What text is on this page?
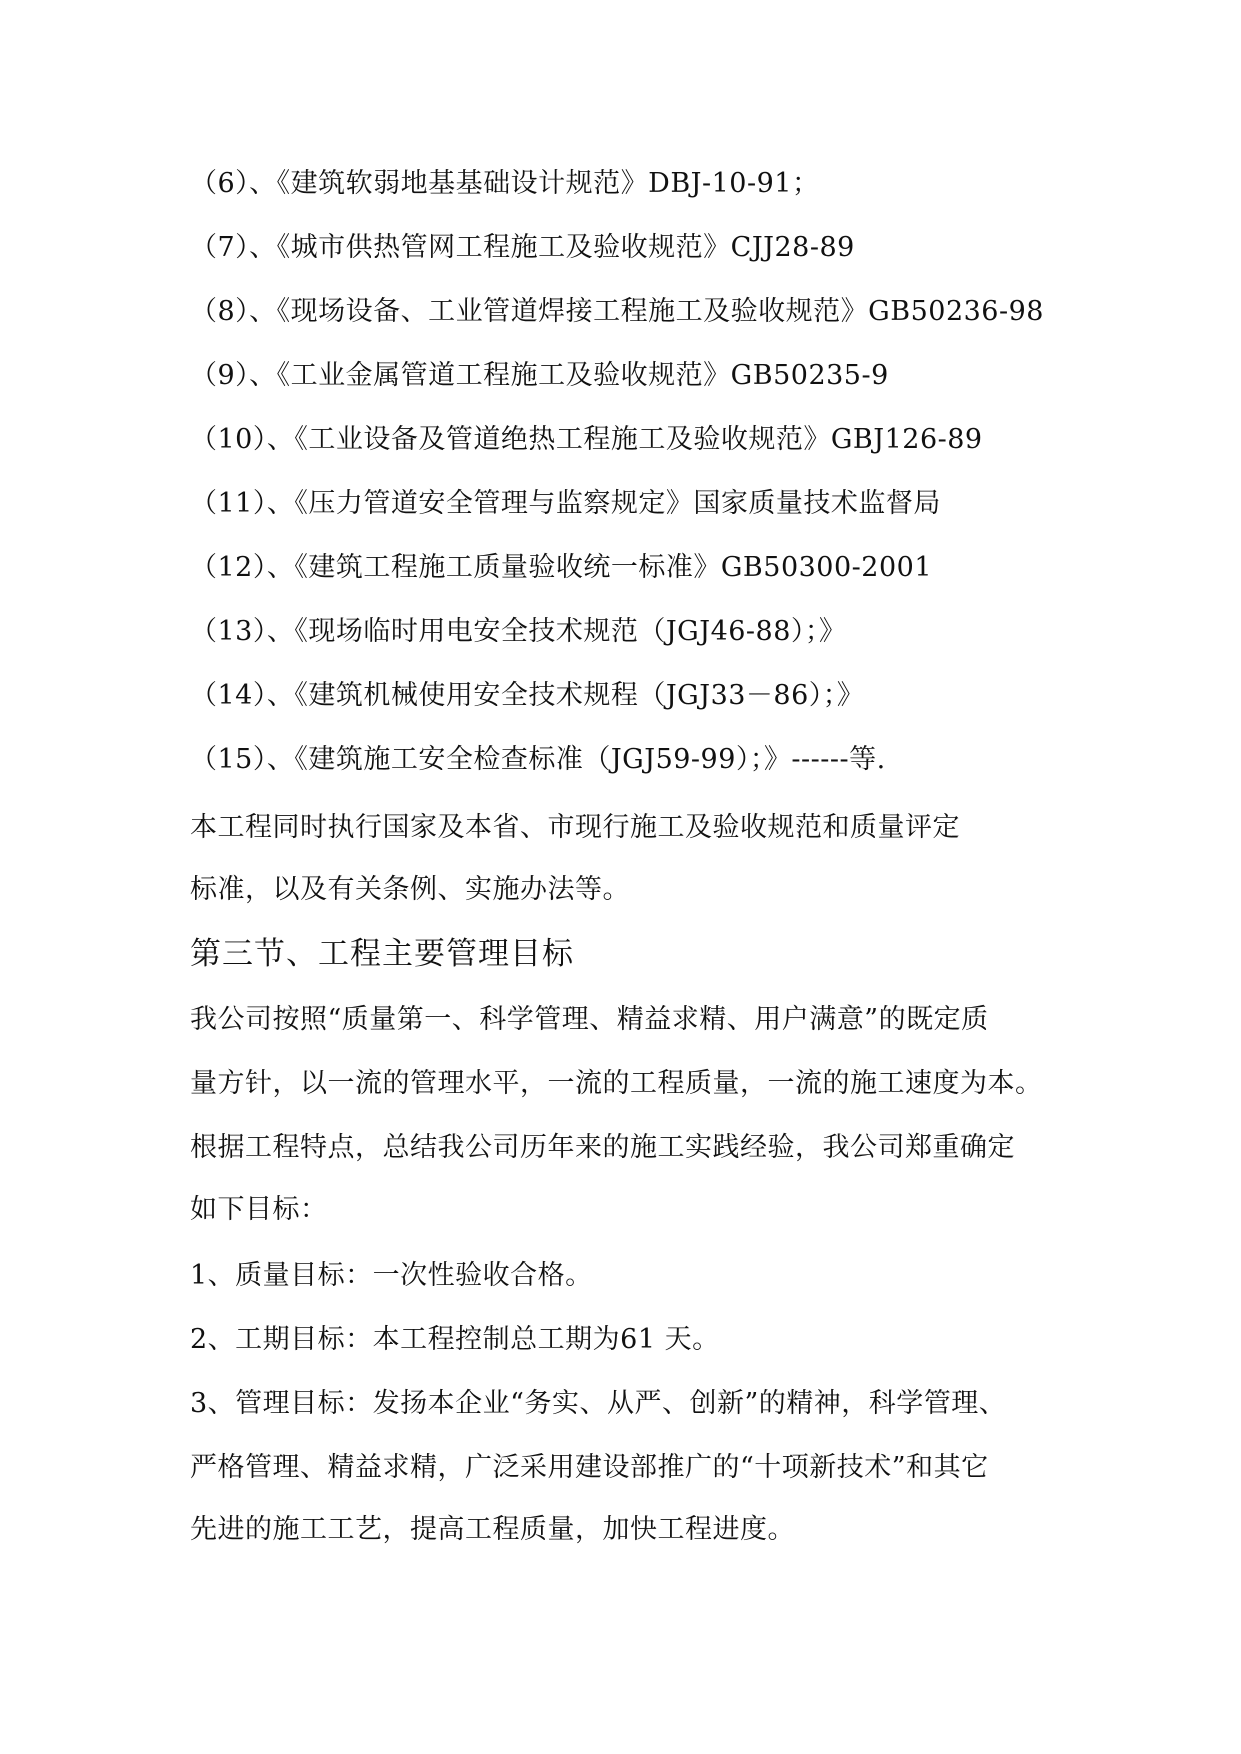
（6）、《建筑软弱地基基础设计规范》DBJ-10-91；
（7）、《城市供热管网工程施工及验收规范》CJJ28-89
（8）、《现场设备、工业管道焊接工程施工及验收规范》GB50236-98
（9）、《工业金属管道工程施工及验收规范》GB50235-9
（10）、《工业设备及管道绝热工程施工及验收规范》GBJ126-89
（11）、《压力管道安全管理与监察规定》国家质量技术监督局
（12）、《建筑工程施工质量验收统一标准》GB50300-2001
（13）、《现场临时用电安全技术规范（JGJ46-88）；》
（14）、《建筑机械使用安全技术规程（JGJ33－86）；》
（15）、《建筑施工安全检查标准（JGJ59-99）；》------等.
本工程同时执行国家及本省、市现行施工及验收规范和质量评定
标准，以及有关条例、实施办法等。
第三节、工程主要管理目标
我公司按照“质量第一、科学管理、精益求精、用户满意”的既定质
量方针，以一流的管理水平，一流的工程质量，一流的施工速度为本。
根据工程特点，总结我公司历年来的施工实践经验，我公司郑重确定
如下目标：
1、质量目标：一次性验收合格。
2、工期目标：本工程控制总工期为61 天。
3、管理目标：发扬本企业“务实、从严、创新”的精神，科学管理、
严格管理、精益求精，广泛采用建设部推广的“十项新技术”和其它
先进的施工工艺，提高工程质量，加快工程进度。
